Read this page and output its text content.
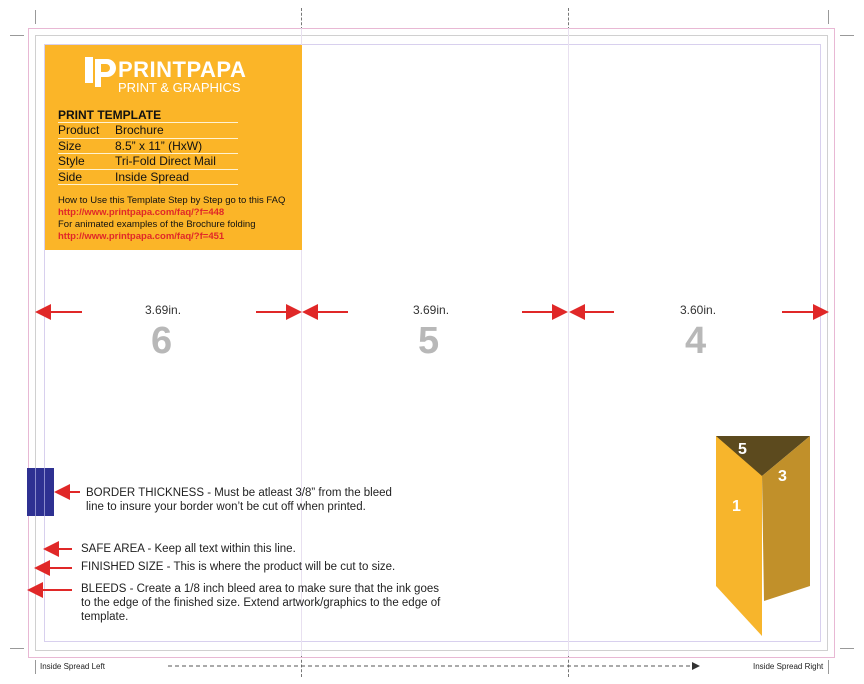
PRINTPAPA
PRINT & GRAPHICS
PRINT TEMPLATE
Product Brochure
Size	8.5” x 11” (HxW)
Style	Tri-Fold Direct Mail
Side	Inside Spread
How to Use this Template Step by Step go to this FAQ
http://www.printpapa.com/faq/?f=448
For animated examples of the Brochure folding
http://www.printpapa.com/faq/?f=451
3.69in.	3.69in.	3.60in.
6	5	4
BORDER THICKNESS - Must be atleast 3/8” from the bleed
line to insure your border won’t be cut off when printed.
SAFE AREA - Keep all text within this line.
FINISHED SIZE - This is where the product will be cut to size.
BLEEDS - Create a 1/8 inch bleed area to make sure that the ink goes
to the edge of the finished size. Extend artwork/graphics to the edge of
template.
5
3
1
Inside Spread Left	Inside Spread Right
